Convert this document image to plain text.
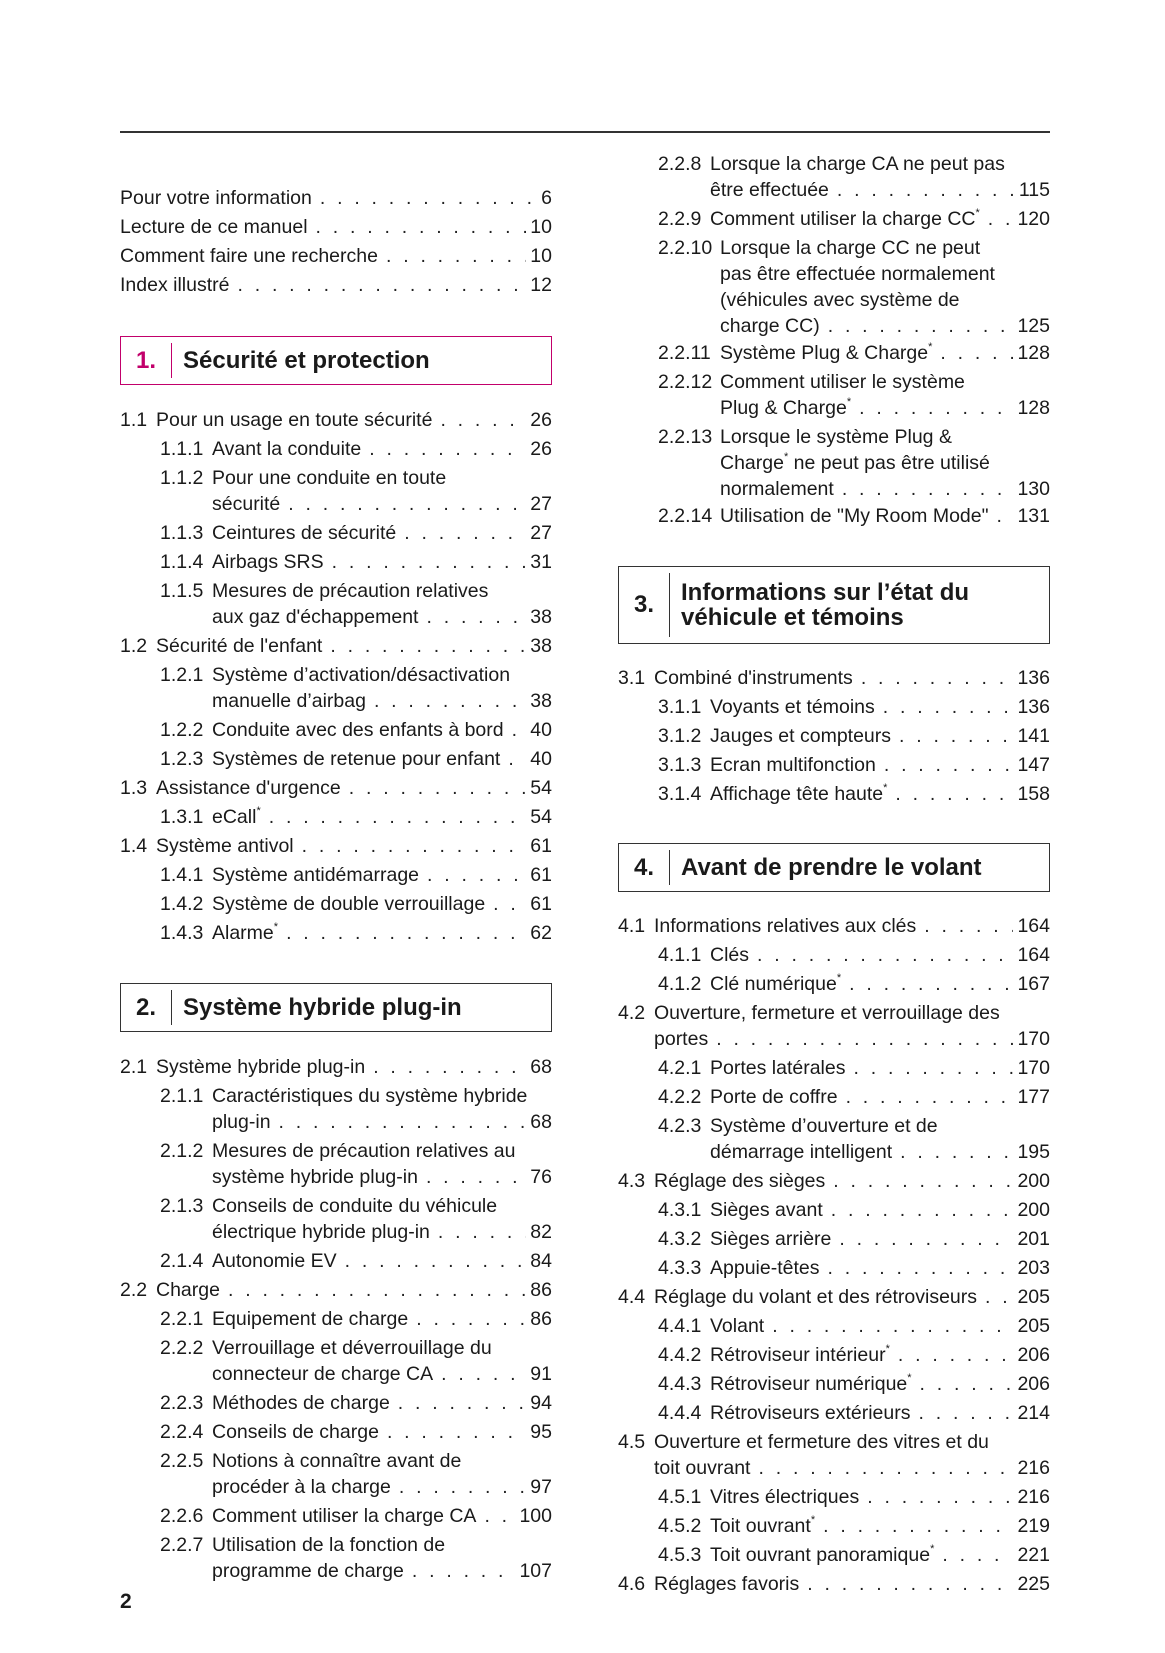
Pour votre information . . .	6
Lecture de ce manuel . . .	10
Comment faire une recherche . . .	10
Index illustré . . .	12
1.	Sécurité et protection
1.1 Pour un usage en toute sécurité . . .	26
1.1.1 Avant la conduite . . .	26
1.1.2 Pour une conduite en toute
sécurité . . .	27
1.1.3 Ceintures de sécurité . . .	27
1.1.4 Airbags SRS . . .	31
1.1.5 Mesures de précaution relatives
aux gaz d'échappement . . .	38
1.2 Sécurité de l'enfant . . .	38
1.2.1 Système d’activation/désactivation
manuelle d’airbag . . .	38
1.2.2 Conduite avec des enfants à bord . . . 40
1.2.3 Systèmes de retenue pour enfant . . . 40
1.3 Assistance d'urgence . . .	54
1.3.1 eCall* . . .	54
1.4 Système antivol . . .	61
1.4.1 Système antidémarrage . . .	61
1.4.2 Système de double verrouillage . . . 61
1.4.3 Alarme* . . .	62
2.	Système hybride plug-in
2.1 Système hybride plug-in . . .	68
2.1.1 Caractéristiques du système hybride
plug-in . . .	68
2.1.2 Mesures de précaution relatives au
système hybride plug-in . . .	76
2.1.3 Conseils de conduite du véhicule
électrique hybride plug-in . . .	82
2.1.4 Autonomie EV . . .	84
2.2 Charge . . .	86
2.2.1 Equipement de charge . . .	86
2.2.2 Verrouillage et déverrouillage du
connecteur de charge CA . . .	91
2.2.3 Méthodes de charge . . .	94
2.2.4 Conseils de charge . . .	95
2.2.5 Notions à connaître avant de
procéder à la charge . . .	97
2.2.6 Comment utiliser la charge CA . . . 100
2.2.7 Utilisation de la fonction de
programme de charge . . .	107
2.2.8 Lorsque la charge CA ne peut pas
être effectuée . . .	115
2.2.9 Comment utiliser la charge CC* . . . 120
2.2.10 Lorsque la charge CC ne peut
pas être effectuée normalement
(véhicules avec système de
charge CC) . . .	125
2.2.11 Système Plug & Charge* . . .	128
2.2.12 Comment utiliser le système
Plug & Charge* . . .	128
2.2.13 Lorsque le système Plug &
Charge* ne peut pas être utilisé
normalement . . .	130
2.2.14 Utilisation de "My Room Mode" . . . 131
3.	Informations sur l’état du véhicule et témoins
3.1 Combiné d'instruments . . .	136
3.1.1 Voyants et témoins . . .	136
3.1.2 Jauges et compteurs . . .	141
3.1.3 Ecran multifonction . . .	147
3.1.4 Affichage tête haute* . . .	158
4.	Avant de prendre le volant
4.1 Informations relatives aux clés . . .	164
4.1.1 Clés . . .	164
4.1.2 Clé numérique* . . .	167
4.2 Ouverture, fermeture et verrouillage des
portes . . .	170
4.2.1 Portes latérales . . .	170
4.2.2 Porte de coffre . . .	177
4.2.3 Système d’ouverture et de
démarrage intelligent . . .	195
4.3 Réglage des sièges . . .	200
4.3.1 Sièges avant . . .	200
4.3.2 Sièges arrière . . .	201
4.3.3 Appuie-têtes . . .	203
4.4 Réglage du volant et des rétroviseurs . . . 205
4.4.1 Volant . . .	205
4.4.2 Rétroviseur intérieur* . . .	206
4.4.3 Rétroviseur numérique* . . .	206
4.4.4 Rétroviseurs extérieurs . . .	214
4.5 Ouverture et fermeture des vitres et du
toit ouvrant . . .	216
4.5.1 Vitres électriques . . .	216
4.5.2 Toit ouvrant* . . .	219
4.5.3 Toit ouvrant panoramique* . . .	221
4.6 Réglages favoris . . .	225
2
